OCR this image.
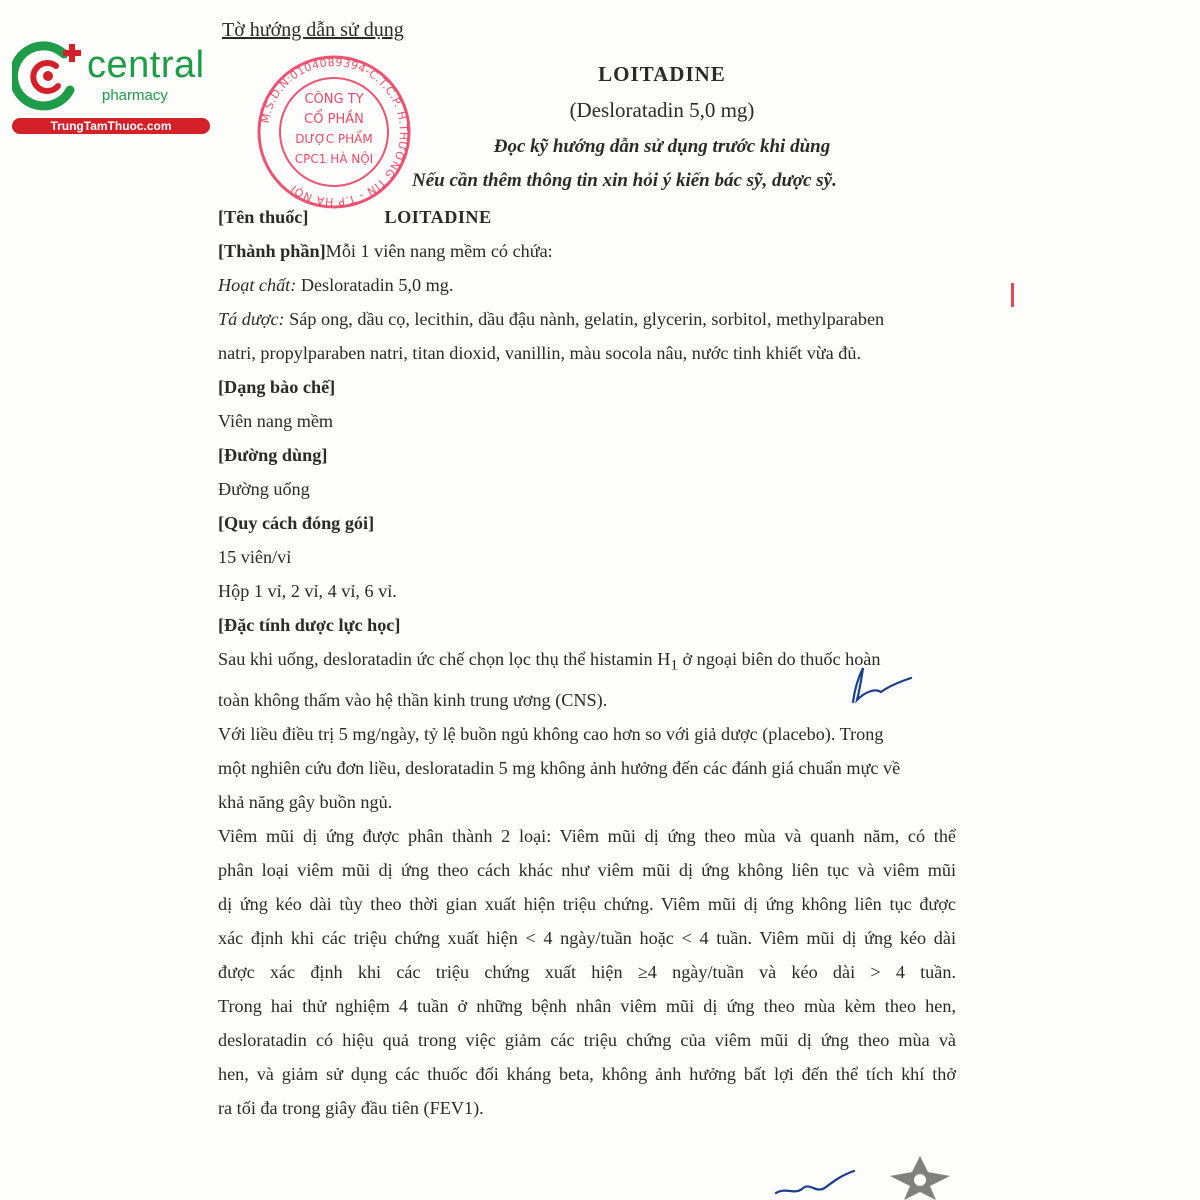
central
pharmacy
TrungTamThuoc.com
Tờ hướng dẫn sử dụng
M.S.D.N:0104089394-C.T.C.P. H.THƯỜNG TÍN - T.P HÀ NỘI
CÔNG TY
CỔ PHẦN
DƯỢC PHẨM
CPC1 HÀ NỘI
LOITADINE
(Desloratadin 5,0 mg)
Đọc kỹ hướng dẫn sử dụng trước khi dùng
Nếu cần thêm thông tin xin hỏi ý kiến bác sỹ, dược sỹ.
[Tên thuốc]	LOITADINE
[Thành phần]Mỗi 1 viên nang mềm có chứa:
Hoạt chất: Desloratadin 5,0 mg.
Tá dược: Sáp ong, dầu cọ, lecithin, dầu đậu nành, gelatin, glycerin, sorbitol, methylparaben
natri, propylparaben natri, titan dioxid, vanillin, màu socola nâu, nước tinh khiết vừa đủ.
[Dạng bào chế]
Viên nang mềm
[Đường dùng]
Đường uống
[Quy cách đóng gói]
15 viên/vỉ
Hộp 1 vỉ, 2 vỉ, 4 vỉ, 6 vỉ.
[Đặc tính dược lực học]
Sau khi uống, desloratadin ức chế chọn lọc thụ thể histamin $H_1$ ở ngoại biên do thuốc hoàn
toàn không thấm vào hệ thần kinh trung ương (CNS).
Với liều điều trị 5 mg/ngày, tỷ lệ buồn ngủ không cao hơn so với giả dược (placebo). Trong
một nghiên cứu đơn liều, desloratadin 5 mg không ảnh hưởng đến các đánh giá chuẩn mực về
khả năng gây buồn ngủ.
Viêm mũi dị ứng được phân thành 2 loại: Viêm mũi dị ứng theo mùa và quanh năm, có thể
phân loại viêm mũi dị ứng theo cách khác như viêm mũi dị ứng không liên tục và viêm mũi
dị ứng kéo dài tùy theo thời gian xuất hiện triệu chứng. Viêm mũi dị ứng không liên tục được
xác định khi các triệu chứng xuất hiện < 4 ngày/tuần hoặc < 4 tuần. Viêm mũi dị ứng kéo dài
được xác định khi các triệu chứng xuất hiện ≥4 ngày/tuần và kéo dài > 4 tuần.
Trong hai thử nghiệm 4 tuần ở những bệnh nhân viêm mũi dị ứng theo mùa kèm theo hen,
desloratadin có hiệu quả trong việc giảm các triệu chứng của viêm mũi dị ứng theo mùa và
hen, và giảm sử dụng các thuốc đối kháng beta, không ảnh hưởng bất lợi đến thể tích khí thở
ra tối đa trong giây đầu tiên (FEV1).
